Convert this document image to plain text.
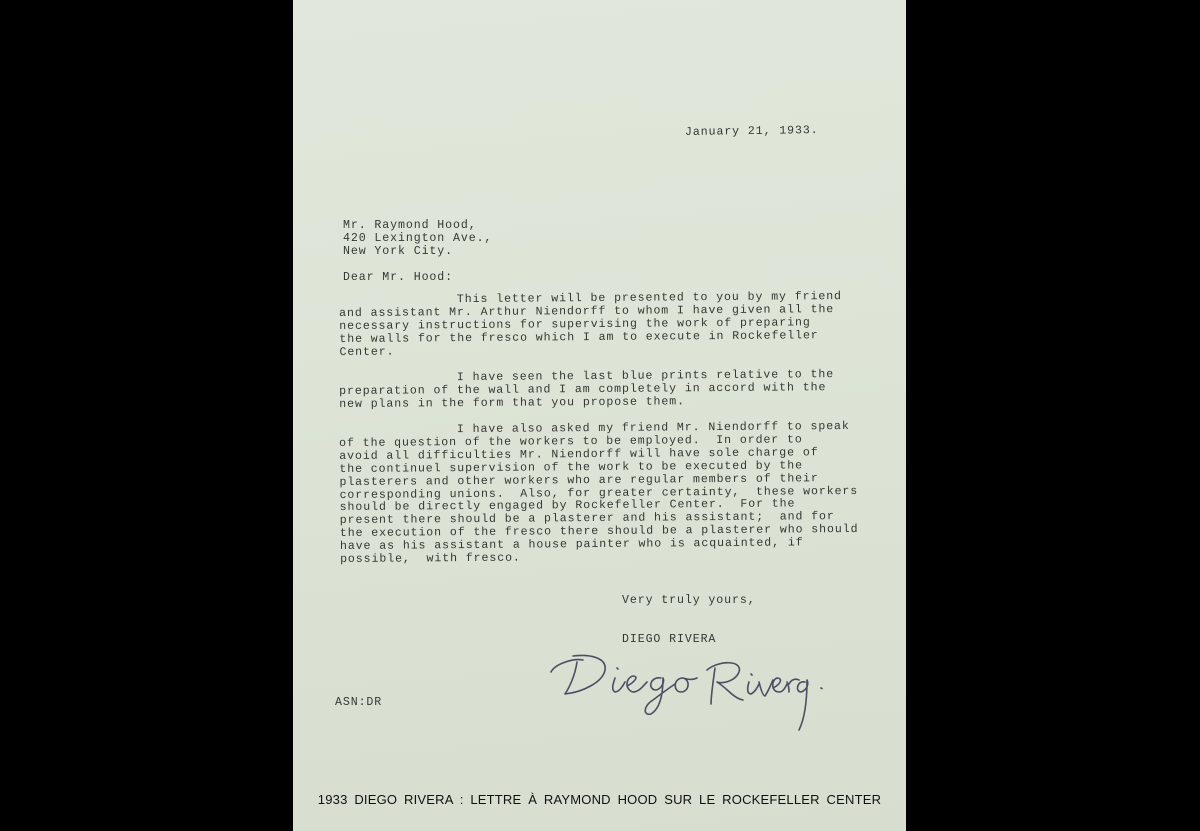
January 21, 1933.
Mr. Raymond Hood,
420 Lexington Ave.,
New York City.
Dear Mr. Hood:
This letter will be presented to you by my friend
and assistant Mr. Arthur Niendorff to whom I have given all the
necessary instructions for supervising the work of preparing
the walls for the fresco which I am to execute in Rockefeller
Center.
I have seen the last blue prints relative to the
preparation of the wall and I am completely in accord with the
new plans in the form that you propose them.
I have also asked my friend Mr. Niendorff to speak
of the question of the workers to be employed.  In order to
avoid all difficulties Mr. Niendorff will have sole charge of
the continuel supervision of the work to be executed by the
plasterers and other workers who are regular members of their
corresponding unions.  Also, for greater certainty,  these workers
should be directly engaged by Rockefeller Center.  For the
present there should be a plasterer and his assistant;  and for
the execution of the fresco there should be a plasterer who should
have as his assistant a house painter who is acquainted, if
possible,  with fresco.
Very truly yours,
DIEGO RIVERA
ASN:DR
1933 DIEGO RIVERA : LETTRE À RAYMOND HOOD SUR LE ROCKEFELLER CENTER
